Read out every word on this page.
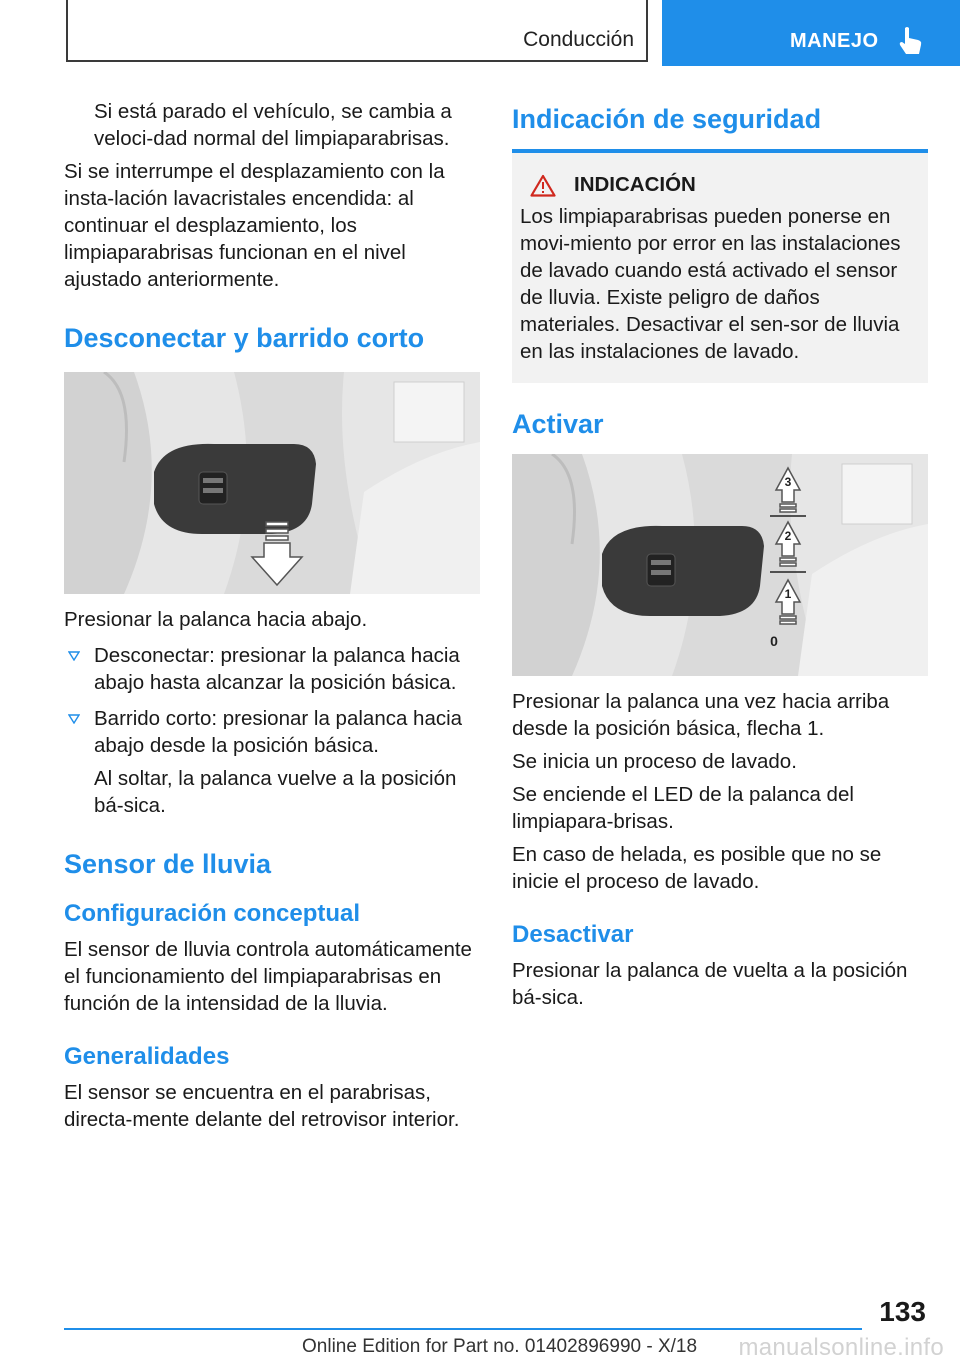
Conducción	MANEJO

Si está parado el vehículo, se cambia a veloci-dad normal del limpiaparabrisas.

Si se interrumpe el desplazamiento con la insta-lación lavacristales encendida: al continuar el desplazamiento, los limpiaparabrisas funcionan en el nivel ajustado anteriormente.

Desconectar y barrido corto

Presionar la palanca hacia abajo.

Desconectar: presionar la palanca hacia abajo hasta alcanzar la posición básica.

Barrido corto: presionar la palanca hacia abajo desde la posición básica.

Al soltar, la palanca vuelve a la posición bá-sica.

Sensor de lluvia
Configuración conceptual

El sensor de lluvia controla automáticamente el funcionamiento del limpiaparabrisas en función de la intensidad de la lluvia.

Generalidades

El sensor se encuentra en el parabrisas, directa-mente delante del retrovisor interior.

Indicación de seguridad
INDICACIÓN

Los limpiaparabrisas pueden ponerse en movi-miento por error en las instalaciones de lavado cuando está activado el sensor de lluvia. Existe peligro de daños materiales. Desactivar el sen-sor de lluvia en las instalaciones de lavado.

Activar
3
2
1
0

Presionar la palanca una vez hacia arriba desde la posición básica, flecha 1.

Se inicia un proceso de lavado.

Se enciende el LED de la palanca del limpiapara-brisas.

En caso de helada, es posible que no se inicie el proceso de lavado.

Desactivar

Presionar la palanca de vuelta a la posición bá-sica.

133
Online Edition for Part no. 01402896990 - X/18 manualsonline.info
